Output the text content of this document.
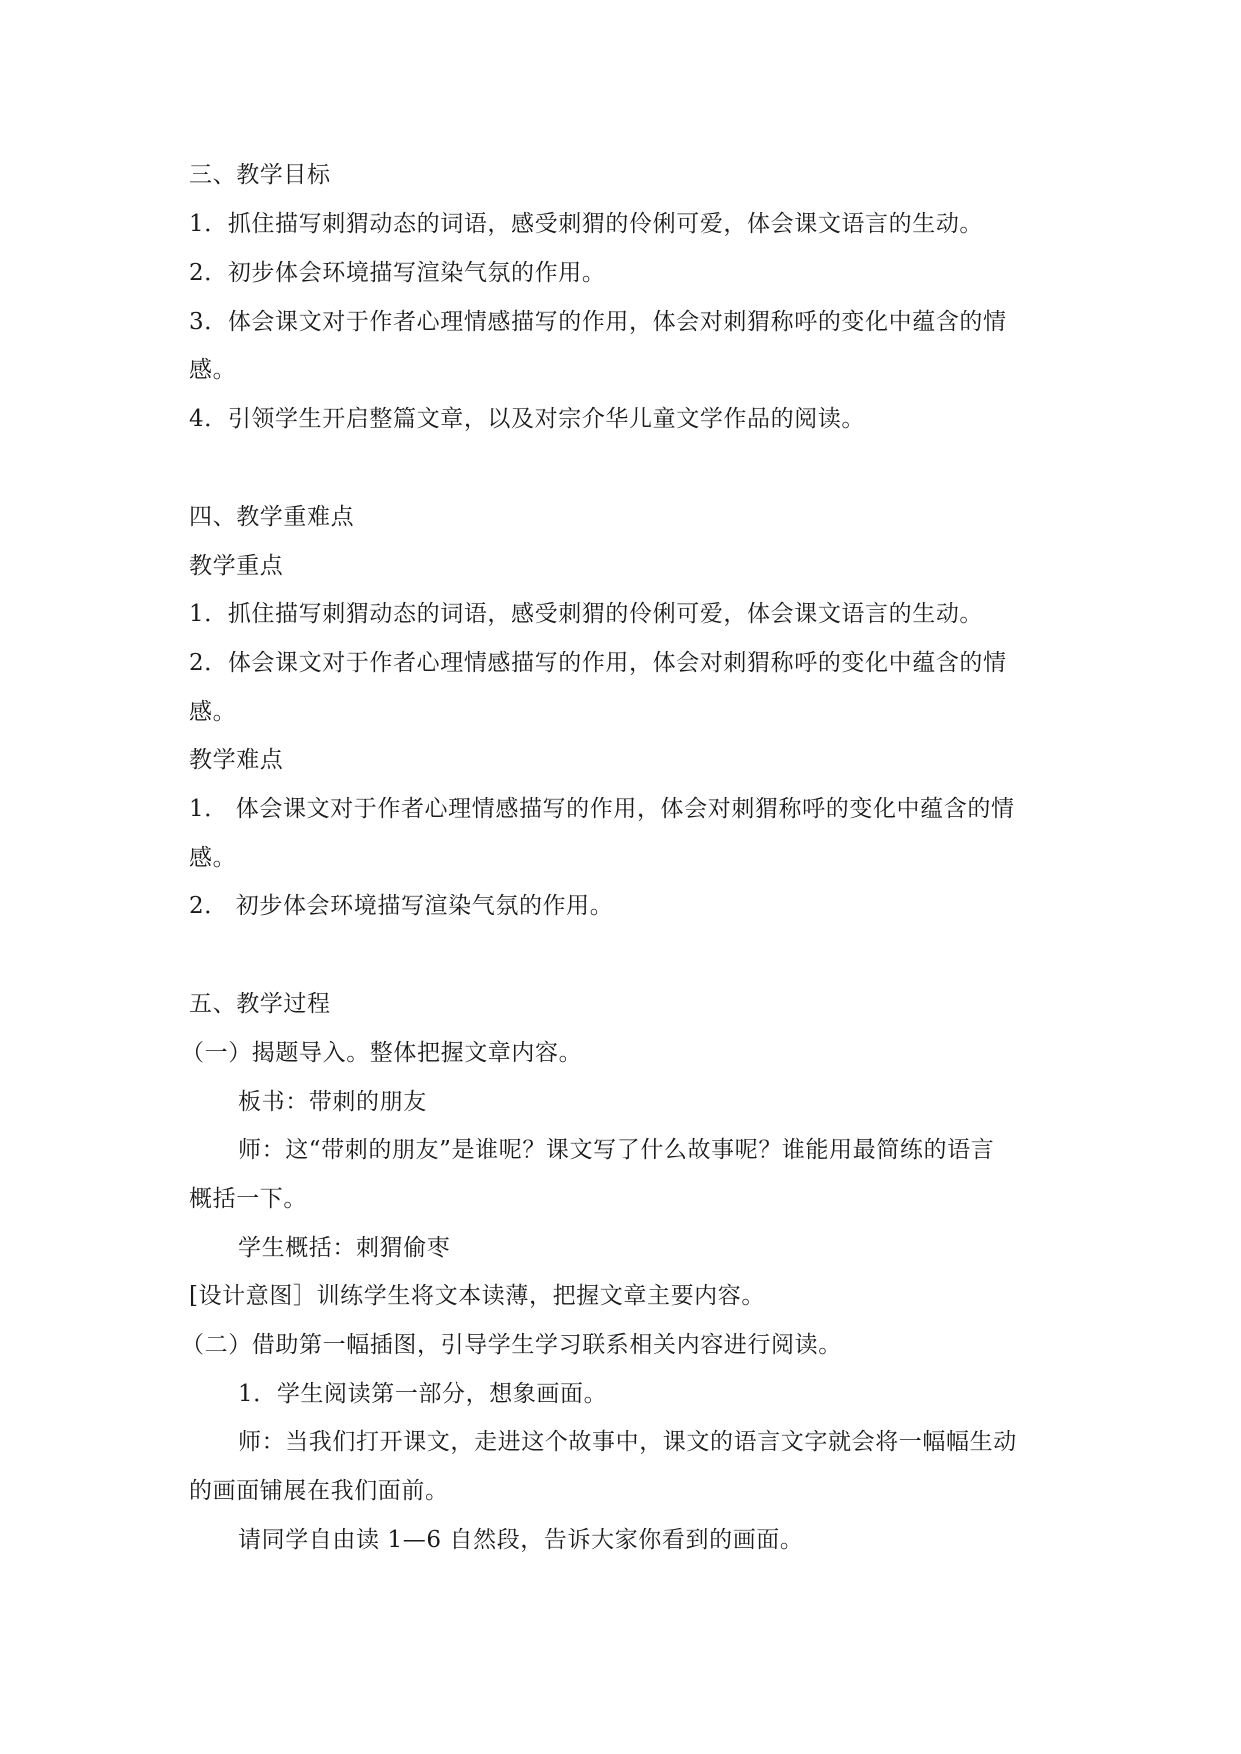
三、教学目标
1．抓住描写刺猬动态的词语，感受刺猬的伶俐可爱，体会课文语言的生动。
2．初步体会环境描写渲染气氛的作用。
3．体会课文对于作者心理情感描写的作用，体会对刺猬称呼的变化中蕴含的情
感。
4．引领学生开启整篇文章，以及对宗介华儿童文学作品的阅读。
四、教学重难点
教学重点
1．抓住描写刺猬动态的词语，感受刺猬的伶俐可爱，体会课文语言的生动。
2．体会课文对于作者心理情感描写的作用，体会对刺猬称呼的变化中蕴含的情
感。
教学难点
1． 体会课文对于作者心理情感描写的作用，体会对刺猬称呼的变化中蕴含的情
感。
2． 初步体会环境描写渲染气氛的作用。
五、教学过程
（一）揭题导入。整体把握文章内容。
板书：带刺的朋友
师：这“带刺的朋友”是谁呢？课文写了什么故事呢？谁能用最简练的语言
概括一下。
学生概括：刺猬偷枣
[设计意图］训练学生将文本读薄，把握文章主要内容。
（二）借助第一幅插图，引导学生学习联系相关内容进行阅读。
1．学生阅读第一部分，想象画面。
师：当我们打开课文，走进这个故事中，课文的语言文字就会将一幅幅生动
的画面铺展在我们面前。
请同学自由读 1—6 自然段，告诉大家你看到的画面。
